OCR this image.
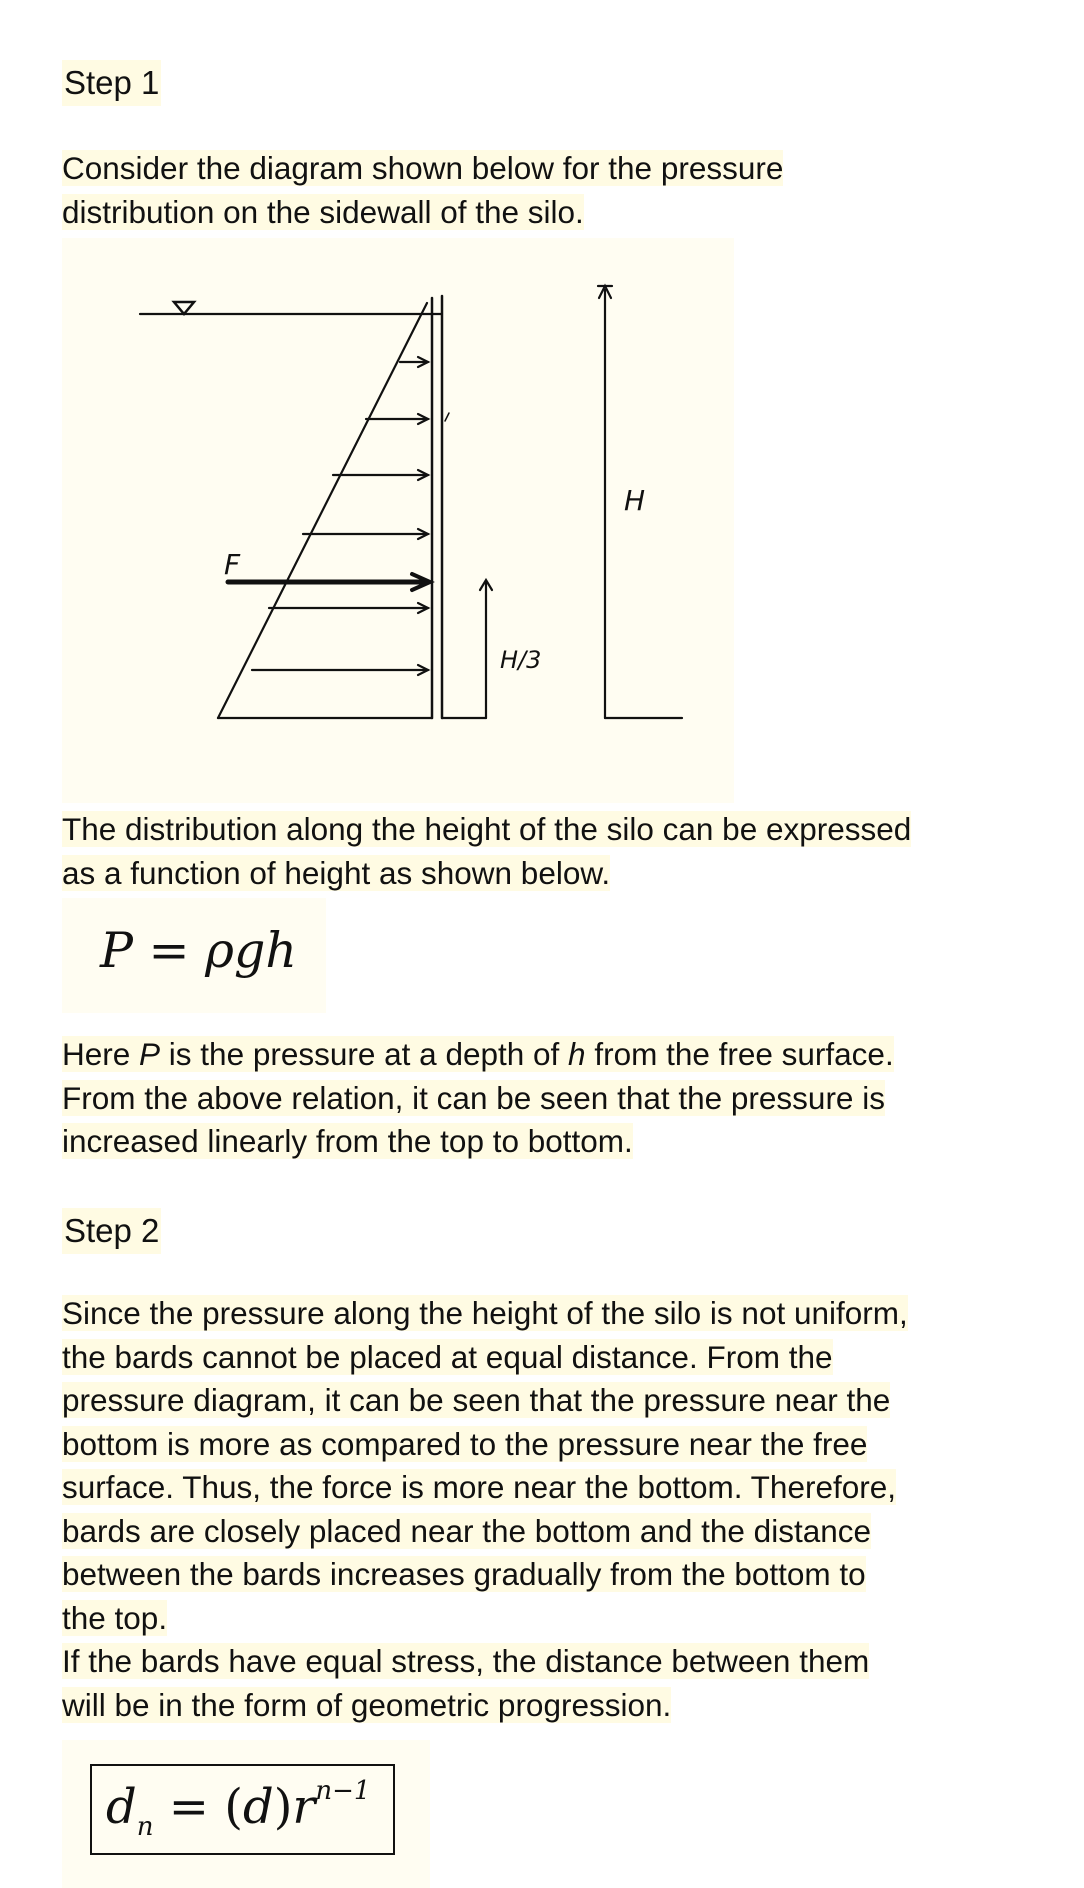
Step 1
Consider the diagram shown below for the pressure
distribution on the sidewall of the silo.
F
H
H/3
The distribution along the height of the silo can be expressed
as a function of height as shown below.
P = ρgh
Here P is the pressure at a depth of h from the free surface.
From the above relation, it can be seen that the pressure is
increased linearly from the top to bottom.
Step 2
Since the pressure along the height of the silo is not uniform,
the bards cannot be placed at equal distance. From the
pressure diagram, it can be seen that the pressure near the
bottom is more as compared to the pressure near the free
surface. Thus, the force is more near the bottom. Therefore,
bards are closely placed near the bottom and the distance
between the bards increases gradually from the bottom to
the top.
If the bards have equal stress, the distance between them
will be in the form of geometric progression.
$d_n = (d)r^{n-1}$
